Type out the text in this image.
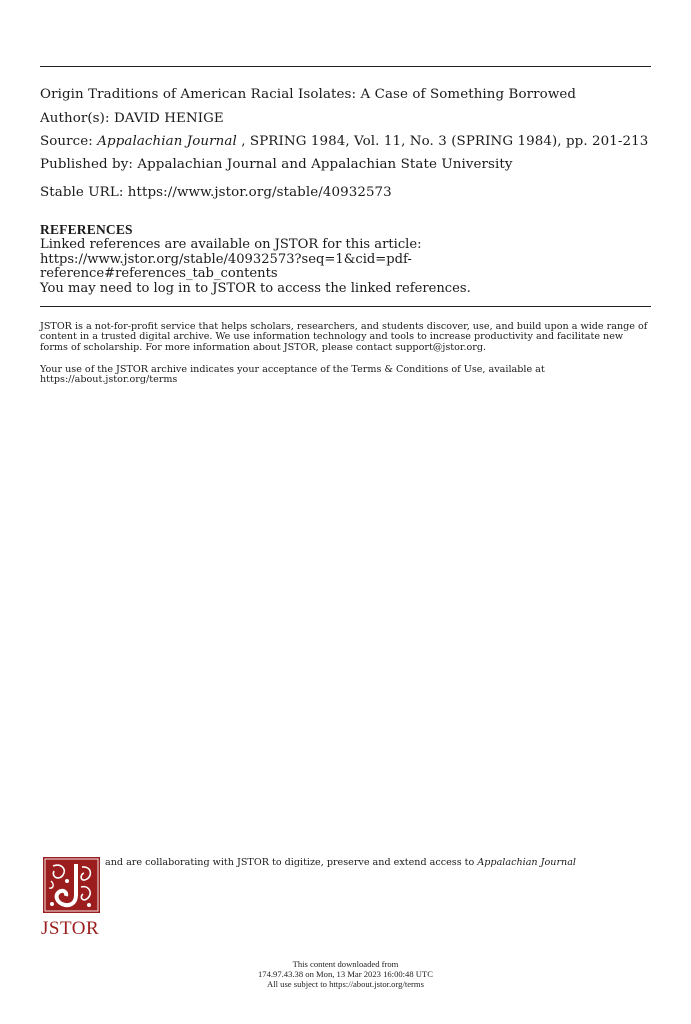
Origin Traditions of American Racial Isolates: A Case of Something Borrowed
Author(s): DAVID HENIGE
Source: Appalachian Journal , SPRING 1984, Vol. 11, No. 3 (SPRING 1984), pp. 201-213
Published by: Appalachian Journal and Appalachian State University
Stable URL: https://www.jstor.org/stable/40932573
REFERENCES
Linked references are available on JSTOR for this article:
https://www.jstor.org/stable/40932573?seq=1&cid=pdf-
reference#references_tab_contents
You may need to log in to JSTOR to access the linked references.
JSTOR is a not-for-profit service that helps scholars, researchers, and students discover, use, and build upon a wide range of content in a trusted digital archive. We use information technology and tools to increase productivity and facilitate new forms of scholarship. For more information about JSTOR, please contact support@jstor.org.
Your use of the JSTOR archive indicates your acceptance of the Terms & Conditions of Use, available at https://about.jstor.org/terms
JSTOR
and are collaborating with JSTOR to digitize, preserve and extend access to Appalachian Journal
This content downloaded from
174.97.43.38 on Mon, 13 Mar 2023 16:00:48 UTC
All use subject to https://about.jstor.org/terms
